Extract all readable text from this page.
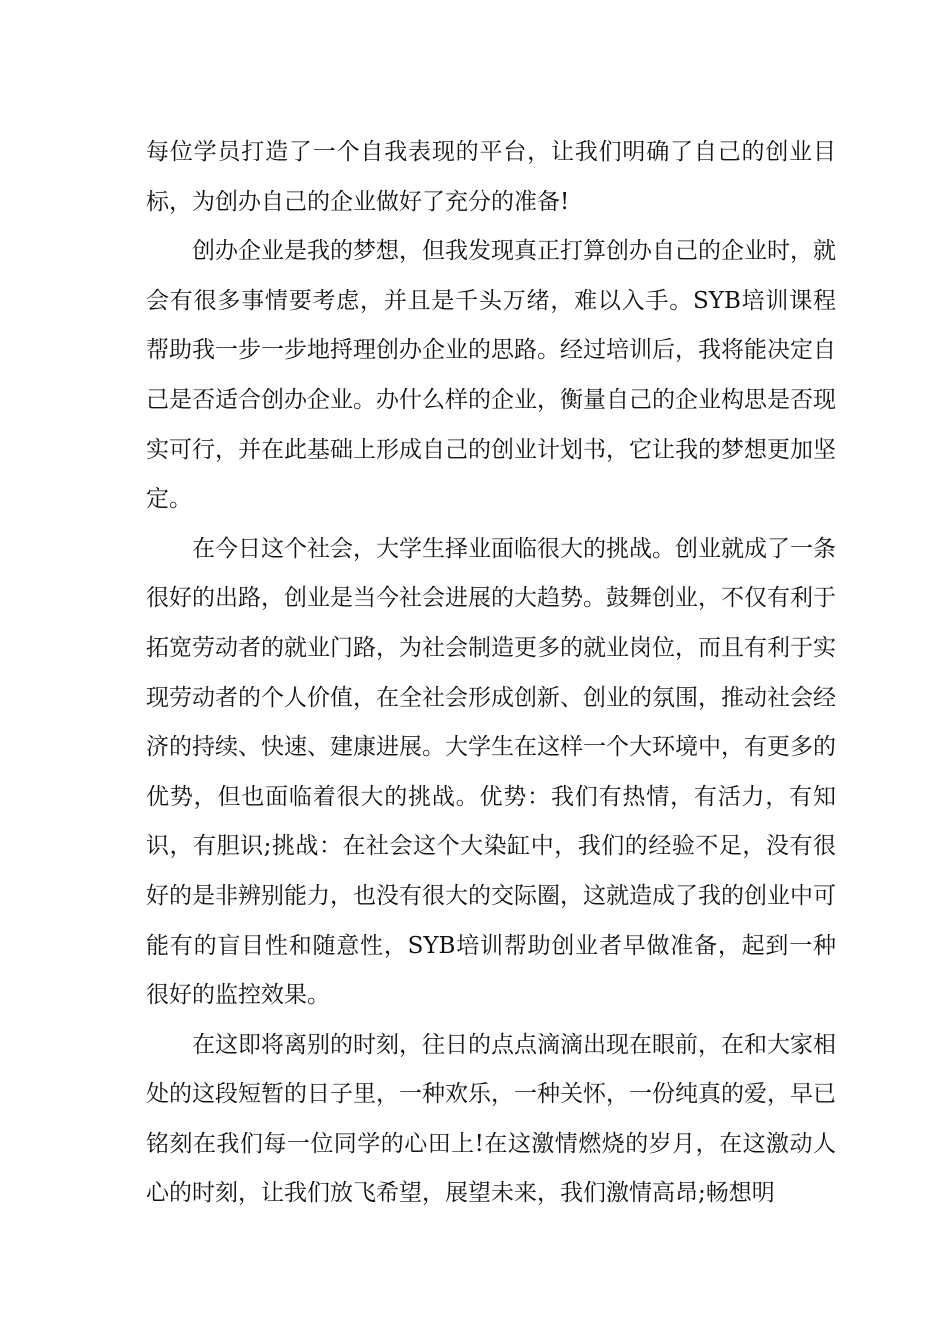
每位学员打造了一个自我表现的平台，让我们明确了自己的创业目标，为创办自己的企业做好了充分的准备!

创办企业是我的梦想，但我发现真正打算创办自己的企业时，就会有很多事情要考虑，并且是千头万绪，难以入手。SYB培训课程帮助我一步一步地捋理创办企业的思路。经过培训后，我将能决定自己是否适合创办企业。办什么样的企业，衡量自己的企业构思是否现实可行，并在此基础上形成自己的创业计划书，它让我的梦想更加坚定。

在今日这个社会，大学生择业面临很大的挑战。创业就成了一条很好的出路，创业是当今社会进展的大趋势。鼓舞创业，不仅有利于拓宽劳动者的就业门路，为社会制造更多的就业岗位，而且有利于实现劳动者的个人价值，在全社会形成创新、创业的氛围，推动社会经济的持续、快速、建康进展。大学生在这样一个大环境中，有更多的优势，但也面临着很大的挑战。优势：我们有热情，有活力，有知识，有胆识;挑战：在社会这个大染缸中，我们的经验不足，没有很好的是非辨别能力，也没有很大的交际圈，这就造成了我的创业中可能有的盲目性和随意性，SYB培训帮助创业者早做准备，起到一种很好的监控效果。

在这即将离别的时刻，往日的点点滴滴出现在眼前，在和大家相处的这段短暂的日子里，一种欢乐，一种关怀，一份纯真的爱，早已铭刻在我们每一位同学的心田上!在这激情燃烧的岁月，在这激动人心的时刻，让我们放飞希望，展望未来，我们激情高昂;畅想明
